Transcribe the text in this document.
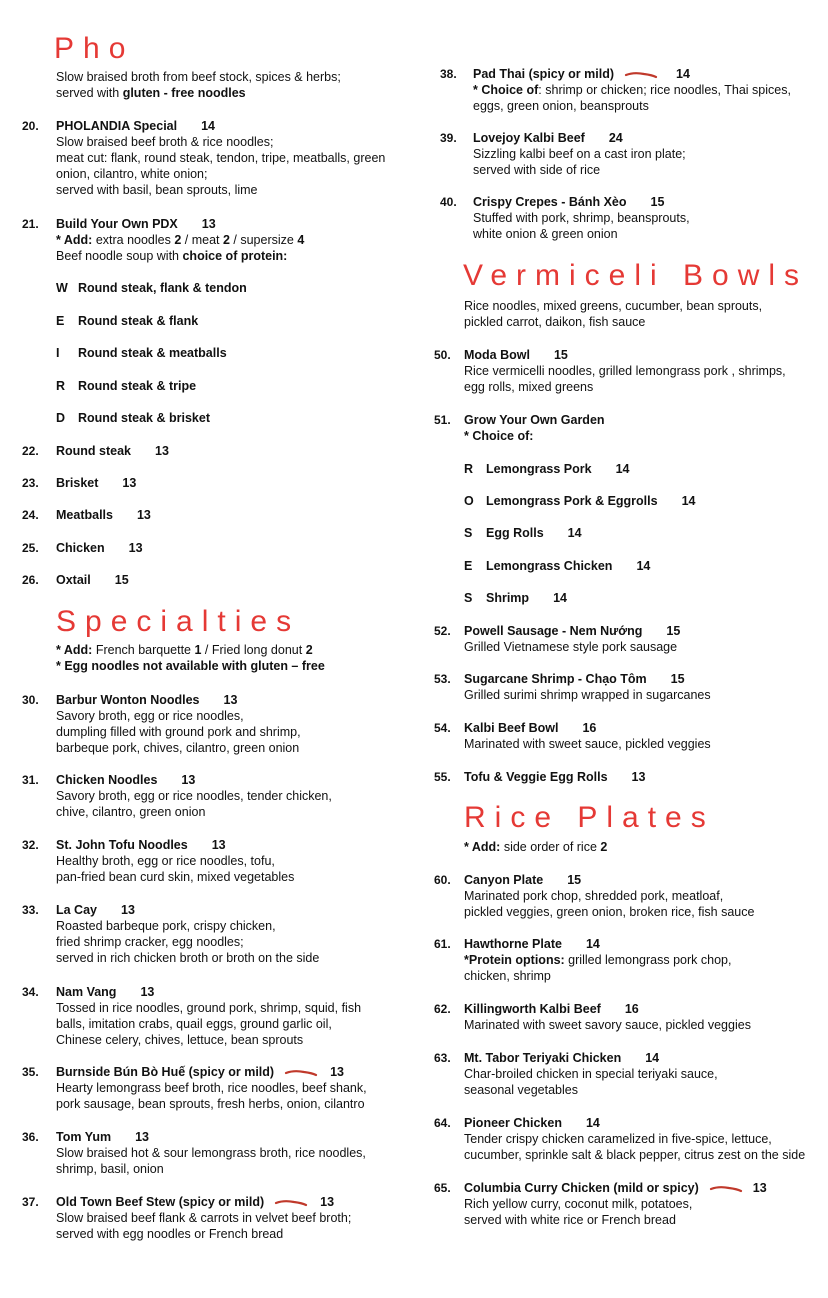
Pho
Slow braised broth from beef stock, spices & herbs;
served with gluten - free noodles
20. PHOLANDIA Special 14
Slow braised beef broth & rice noodles;
meat cut: flank, round steak, tendon, tripe, meatballs, green
onion, cilantro, white onion;
served with basil, bean sprouts, lime
21. Build Your Own PDX 13
* Add: extra noodles 2 / meat 2 / supersize 4
Beef noodle soup with choice of protein:
W Round steak, flank & tendon
E Round steak & flank
I Round steak & meatballs
R Round steak & tripe
D Round steak & brisket
22. Round steak 13
23. Brisket 13
24. Meatballs 13
25. Chicken 13
26. Oxtail 15
Specialties
* Add: French barquette 1 / Fried long donut 2
* Egg noodles not available with gluten – free
30. Barbur Wonton Noodles 13
Savory broth, egg or rice noodles,
dumpling filled with ground pork and shrimp,
barbeque pork, chives, cilantro, green onion
31. Chicken Noodles 13
Savory broth, egg or rice noodles, tender chicken,
chive, cilantro, green onion
32. St. John Tofu Noodles 13
Healthy broth, egg or rice noodles, tofu,
pan-fried bean curd skin, mixed vegetables
33. La Cay 13
Roasted barbeque pork, crispy chicken,
fried shrimp cracker, egg noodles;
served in rich chicken broth or broth on the side
34. Nam Vang 13
Tossed in rice noodles, ground pork, shrimp, squid, fish
balls, imitation crabs, quail eggs, ground garlic oil,
Chinese celery, chives, lettuce, bean sprouts
35. Burnside Bún Bò Huế (spicy or mild)	13
Hearty lemongrass beef broth, rice noodles, beef shank,
pork sausage, bean sprouts, fresh herbs, onion, cilantro
36. Tom Yum 13
Slow braised hot & sour lemongrass broth, rice noodles,
shrimp, basil, onion
37. Old Town Beef Stew (spicy or mild)	13
Slow braised beef flank & carrots in velvet beef broth;
served with egg noodles or French bread
38. Pad Thai (spicy or mild)	14
* Choice of: shrimp or chicken; rice noodles, Thai spices,
eggs, green onion, beansprouts
39. Lovejoy Kalbi Beef 24
Sizzling kalbi beef on a cast iron plate;
served with side of rice
40. Crispy Crepes - Bánh Xèo 15
Stuffed with pork, shrimp, beansprouts,
white onion & green onion
Vermiceli Bowls
Rice noodles, mixed greens, cucumber, bean sprouts,
pickled carrot, daikon, fish sauce
50. Moda Bowl 15
Rice vermicelli noodles, grilled lemongrass pork , shrimps,
egg rolls, mixed greens
51. Grow Your Own Garden
* Choice of:
R Lemongrass Pork 14
O Lemongrass Pork & Eggrolls 14
S Egg Rolls 14
E Lemongrass Chicken 14
S Shrimp 14
52. Powell Sausage - Nem Nướng 15
Grilled Vietnamese style pork sausage
53. Sugarcane Shrimp - Chạo Tôm 15
Grilled surimi shrimp wrapped in sugarcanes
54. Kalbi Beef Bowl 16
Marinated with sweet sauce, pickled veggies
55. Tofu & Veggie Egg Rolls 13
Rice Plates
* Add: side order of rice 2
60. Canyon Plate 15
Marinated pork chop, shredded pork, meatloaf,
pickled veggies, green onion, broken rice, fish sauce
61. Hawthorne Plate 14
*Protein options: grilled lemongrass pork chop,
chicken, shrimp
62. Killingworth Kalbi Beef 16
Marinated with sweet savory sauce, pickled veggies
63. Mt. Tabor Teriyaki Chicken 14
Char-broiled chicken in special teriyaki sauce,
seasonal vegetables
64. Pioneer Chicken 14
Tender crispy chicken caramelized in five-spice, lettuce,
cucumber, sprinkle salt & black pepper, citrus zest on the side
65. Columbia Curry Chicken (mild or spicy)	13
Rich yellow curry, coconut milk, potatoes,
served with white rice or French bread
